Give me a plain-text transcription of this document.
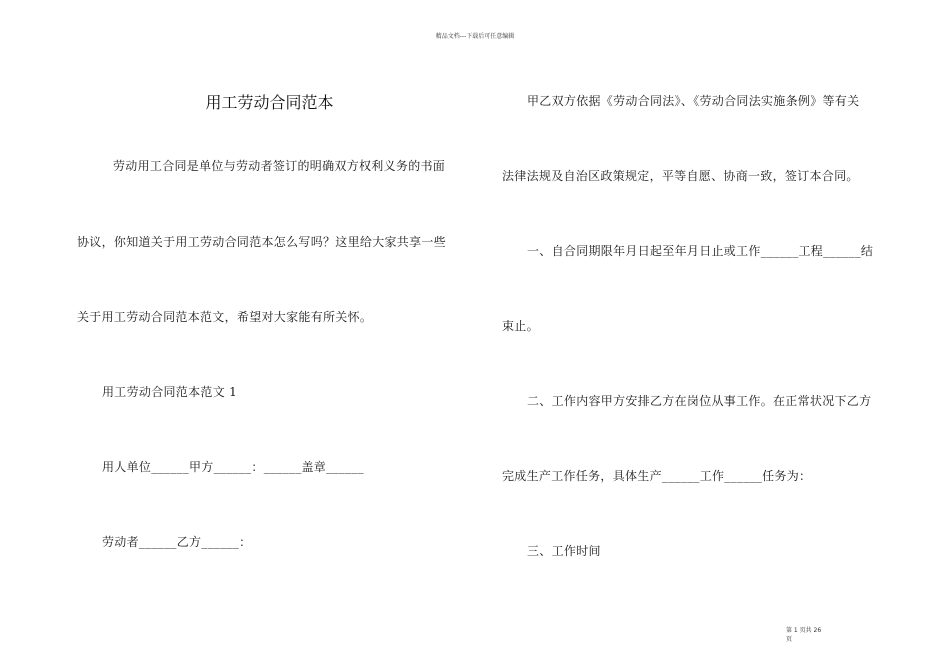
精品文档---下载后可任意编辑
用工劳动合同范本
劳动用工合同是单位与劳动者签订的明确双方权利义务的书面
协议，你知道关于用工劳动合同范本怎么写吗？这里给大家共享一些
关于用工劳动合同范本范文，希望对大家能有所关怀。
用工劳动合同范本范文 1
用人单位______甲方______：______盖章______
劳动者______乙方______：
甲乙双方依据《劳动合同法》、《劳动合同法实施条例》等有关
法律法规及自治区政策规定，平等自愿、协商一致，签订本合同。
一、自合同期限年月日起至年月日止或工作______工程______结
束止。
二、工作内容甲方安排乙方在岗位从事工作。在正常状况下乙方
完成生产工作任务，具体生产______工作______任务为：
三、工作时间
第 1 页共 26
页
